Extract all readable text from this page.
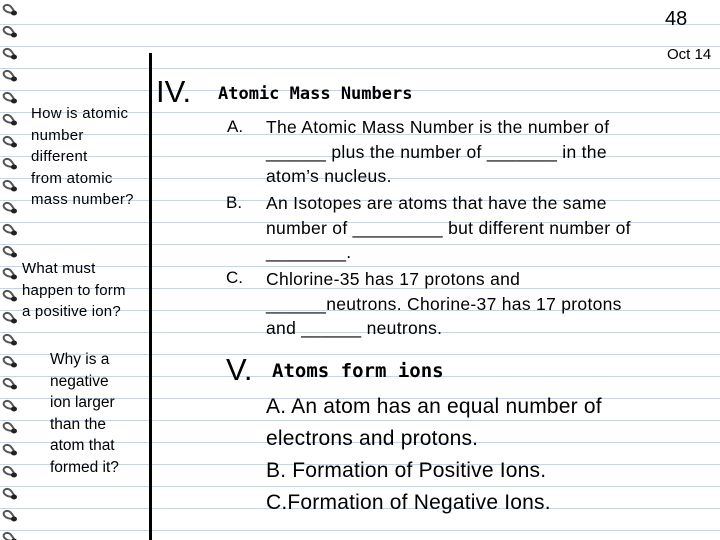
48
Oct 14
How is atomic
number
different
from atomic
mass number?
What must
happen to form
a positive ion?
Why is a
negative
ion larger
than the
atom that
formed it?
IV. Atomic Mass Numbers
A. The Atomic Mass Number is the number of
______ plus the number of _______ in the
atom’s nucleus.
B. An Isotopes are atoms that have the same
number of _________ but different number of
________.
C. Chlorine-35 has 17 protons and
______neutrons. Chorine-37 has 17 protons
and ______ neutrons.
V. Atoms form ions
A. An atom has an equal number of
electrons and protons.
B. Formation of Positive Ions.
C.Formation of Negative Ions.
